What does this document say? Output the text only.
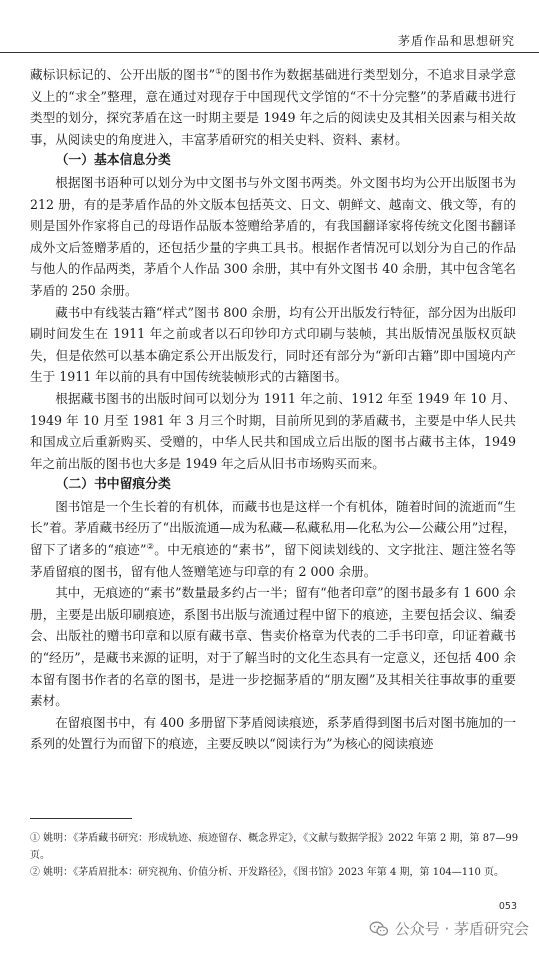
茅盾作品和思想研究

藏标识标记的、公开出版的图书”①的图书作为数据基础进行类型划分，不追求目录学意义上的“求全”整理，意在通过对现存于中国现代文学馆的“不十分完整”的茅盾藏书进行类型的划分，探究茅盾在这一时期主要是 1949 年之后的阅读史及其相关因素与相关故事，从阅读史的角度进入，丰富茅盾研究的相关史料、资料、素材。

（一）基本信息分类

根据图书语种可以划分为中文图书与外文图书两类。外文图书均为公开出版图书为 212 册，有的是茅盾作品的外文版本包括英文、日文、朝鲜文、越南文、俄文等，有的则是国外作家将自己的母语作品版本签赠给茅盾的，有我国翻译家将传统文化图书翻译成外文后签赠茅盾的，还包括少量的字典工具书。根据作者情况可以划分为自己的作品与他人的作品两类，茅盾个人作品 300 余册，其中有外文图书 40 余册，其中包含笔名茅盾的 250 余册。

藏书中有线装古籍“样式”图书 800 余册，均有公开出版发行特征，部分因为出版印刷时间发生在 1911 年之前或者以石印钞印方式印刷与装帧，其出版情况虽版权页缺失，但是依然可以基本确定系公开出版发行，同时还有部分为“新印古籍”即中国境内产生于 1911 年以前的具有中国传统装帧形式的古籍图书。

根据藏书图书的出版时间可以划分为 1911 年之前、1912 年至 1949 年 10 月、1949 年 10 月至 1981 年 3 月三个时期，目前所见到的茅盾藏书，主要是中华人民共和国成立后重新购买、受赠的，中华人民共和国成立后出版的图书占藏书主体，1949 年之前出版的图书也大多是 1949 年之后从旧书市场购买而来。

（二）书中留痕分类

图书馆是一个生长着的有机体，而藏书也是这样一个有机体，随着时间的流逝而“生长”着。茅盾藏书经历了“出版流通—成为私藏—私藏私用—化私为公—公藏公用”过程，留下了诸多的“痕迹”②。中无痕迹的“素书”，留下阅读划线的、文字批注、题注签名等茅盾留痕的图书，留有他人签赠笔迹与印章的有 2 000 余册。

其中，无痕迹的“素书”数量最多约占一半；留有“他者印章”的图书最多有 1 600 余册，主要是出版印刷痕迹，系图书出版与流通过程中留下的痕迹，主要包括会议、编委会、出版社的赠书印章和以原有藏书章、售卖价格章为代表的二手书印章，印证着藏书的“经历”，是藏书来源的证明，对于了解当时的文化生态具有一定意义，还包括 400 余本留有图书作者的名章的图书，是进一步挖掘茅盾的“朋友圈”及其相关往事故事的重要素材。

在留痕图书中，有 400 多册留下茅盾阅读痕迹，系茅盾得到图书后对图书施加的一系列的处置行为而留下的痕迹，主要反映以“阅读行为”为核心的阅读痕迹

① 姚明：《茅盾藏书研究：形成轨迹、痕迹留存、概念界定》，《文献与数据学报》2022 年第 2 期，第 87—99 页。

② 姚明：《茅盾眉批本：研究视角、价值分析、开发路径》，《图书馆》2023 年第 4 期，第 104—110 页。

053
公众号 · 茅盾研究会
